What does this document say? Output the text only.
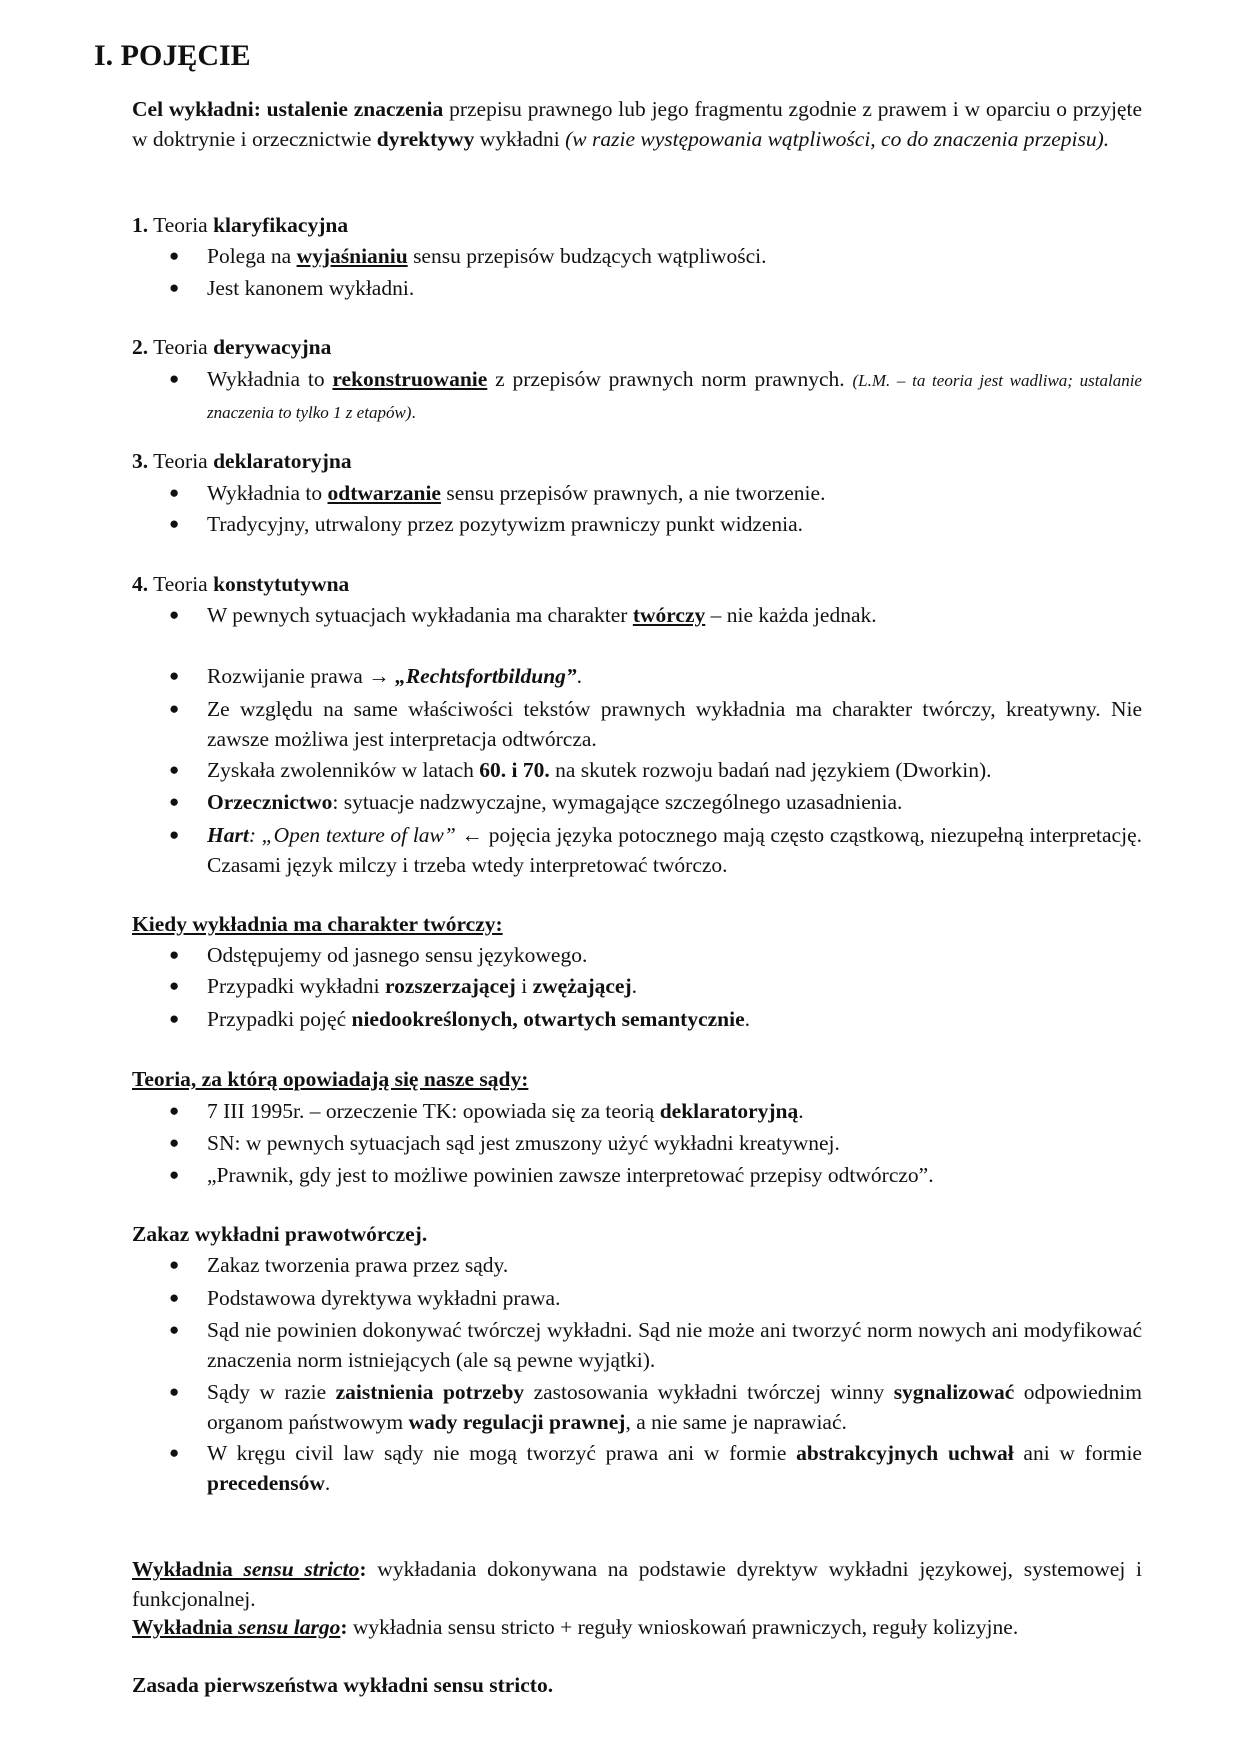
I. POJĘCIE
Cel wykładni: ustalenie znaczenia przepisu prawnego lub jego fragmentu zgodnie z prawem i w oparciu o przyjęte w doktrynie i orzecznictwie dyrektywy wykładni (w razie występowania wątpliwości, co do znaczenia przepisu).
1. Teoria klaryfikacyjna
● Polega na wyjaśnianiu sensu przepisów budzących wątpliwości.
● Jest kanonem wykładni.
2. Teoria derywacyjna
● Wykładnia to rekonstruowanie z przepisów prawnych norm prawnych. (L.M. – ta teoria jest wadliwa; ustalanie znaczenia to tylko 1 z etapów).
3. Teoria deklaratoryjna
● Wykładnia to odtwarzanie sensu przepisów prawnych, a nie tworzenie.
● Tradycyjny, utrwalony przez pozytywizm prawniczy punkt widzenia.
4. Teoria konstytutywna
● W pewnych sytuacjach wykładania ma charakter twórczy – nie każda jednak.
● Rozwijanie prawa → „Rechtsfortbildung”.
● Ze względu na same właściwości tekstów prawnych wykładnia ma charakter twórczy, kreatywny. Nie zawsze możliwa jest interpretacja odtwórcza.
● Zyskała zwolenników w latach 60. i 70. na skutek rozwoju badań nad językiem (Dworkin).
● Orzecznictwo: sytuacje nadzwyczajne, wymagające szczególnego uzasadnienia.
● Hart: „Open texture of law” ← pojęcia języka potocznego mają często cząstkową, niezupełną interpretację. Czasami język milczy i trzeba wtedy interpretować twórczo.
Kiedy wykładnia ma charakter twórczy:
● Odstępujemy od jasnego sensu językowego.
● Przypadki wykładni rozszerzającej i zwężającej.
● Przypadki pojęć niedookreślonych, otwartych semantycznie.
Teoria, za którą opowiadają się nasze sądy:
● 7 III 1995r. – orzeczenie TK: opowiada się za teorią deklaratoryjną.
● SN: w pewnych sytuacjach sąd jest zmuszony użyć wykładni kreatywnej.
● „Prawnik, gdy jest to możliwe powinien zawsze interpretować przepisy odtwórczo”.
Zakaz wykładni prawotwórczej.
● Zakaz tworzenia prawa przez sądy.
● Podstawowa dyrektywa wykładni prawa.
● Sąd nie powinien dokonywać twórczej wykładni. Sąd nie może ani tworzyć norm nowych ani modyfikować znaczenia norm istniejących (ale są pewne wyjątki).
● Sądy w razie zaistnienia potrzeby zastosowania wykładni twórczej winny sygnalizować odpowiednim organom państwowym wady regulacji prawnej, a nie same je naprawiać.
● W kręgu civil law sądy nie mogą tworzyć prawa ani w formie abstrakcyjnych uchwał ani w formie precedensów.
Wykładnia sensu stricto: wykładania dokonywana na podstawie dyrektyw wykładni językowej, systemowej i funkcjonalnej.
Wykładnia sensu largo: wykładnia sensu stricto + reguły wnioskowań prawniczych, reguły kolizyjne.
Zasada pierwszeństwa wykładni sensu stricto.
